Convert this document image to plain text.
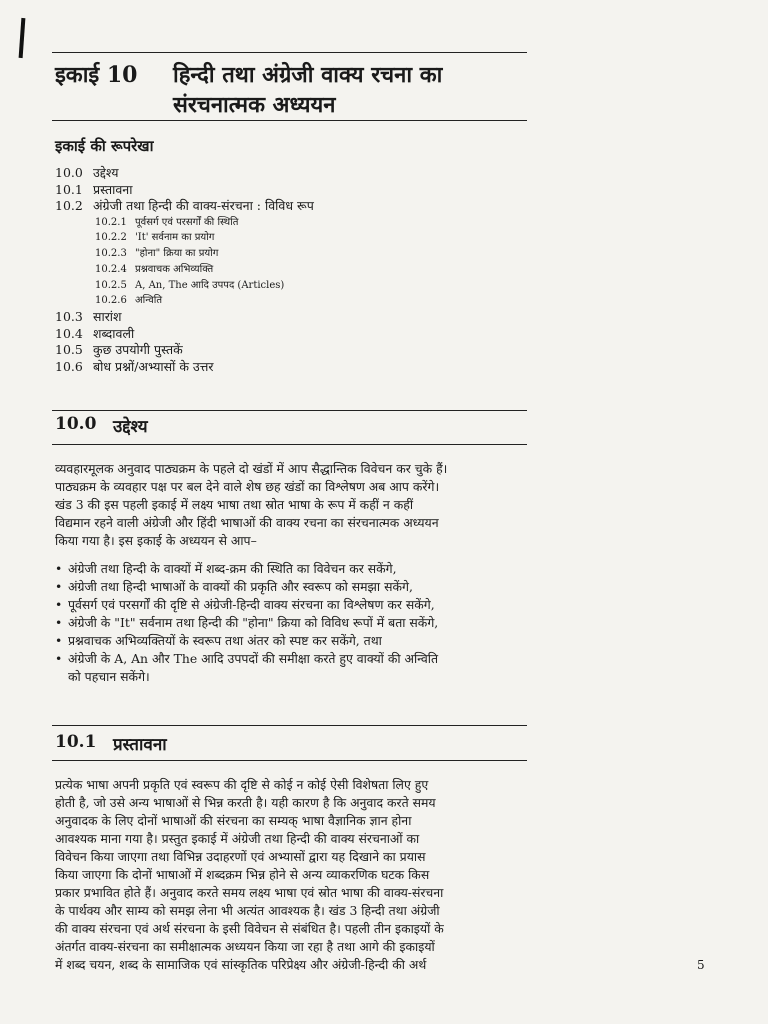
इकाई 10 हिन्दी तथा अंग्रेजी वाक्य रचना का
संरचनात्मक अध्ययन
इकाई की रूपरेखा
10.0 उद्देश्य
10.1 प्रस्तावना
10.2 अंग्रेजी तथा हिन्दी की वाक्य-संरचना : विविध रूप
10.2.1 पूर्वसर्ग एवं परसर्गों की स्थिति
10.2.2 'It' सर्वनाम का प्रयोग
10.2.3 "होना" क्रिया का प्रयोग
10.2.4 प्रश्नवाचक अभिव्यक्ति
10.2.5 A, An, The आदि उपपद (Articles)
10.2.6 अन्विति
10.3 सारांश
10.4 शब्दावली
10.5 कुछ उपयोगी पुस्तकें
10.6 बोध प्रश्नों/अभ्यासों के उत्तर
10.0 उद्देश्य
व्यवहारमूलक अनुवाद पाठ्यक्रम के पहले दो खंडों में आप सैद्धान्तिक विवेचन कर चुके हैं।
पाठ्यक्रम के व्यवहार पक्ष पर बल देने वाले शेष छह खंडों का विश्लेषण अब आप करेंगे।
खंड 3 की इस पहली इकाई में लक्ष्य भाषा तथा स्रोत भाषा के रूप में कहीं न कहीं
विद्यमान रहने वाली अंग्रेजी और हिंदी भाषाओं की वाक्य रचना का संरचनात्मक अध्ययन
किया गया है। इस इकाई के अध्ययन से आप–
• अंग्रेजी तथा हिन्दी के वाक्यों में शब्द-क्रम की स्थिति का विवेचन कर सकेंगे,
• अंग्रेजी तथा हिन्दी भाषाओं के वाक्यों की प्रकृति और स्वरूप को समझा सकेंगे,
• पूर्वसर्ग एवं परसर्गों की दृष्टि से अंग्रेजी-हिन्दी वाक्य संरचना का विश्लेषण कर सकेंगे,
• अंग्रेजी के "It" सर्वनाम तथा हिन्दी की "होना" क्रिया को विविध रूपों में बता सकेंगे,
• प्रश्नवाचक अभिव्यक्तियों के स्वरूप तथा अंतर को स्पष्ट कर सकेंगे, तथा
• अंग्रेजी के A, An और The आदि उपपदों की समीक्षा करते हुए वाक्यों की अन्विति
को पहचान सकेंगे।
10.1 प्रस्तावना
प्रत्येक भाषा अपनी प्रकृति एवं स्वरूप की दृष्टि से कोई न कोई ऐसी विशेषता लिए हुए
होती है, जो उसे अन्य भाषाओं से भिन्न करती है। यही कारण है कि अनुवाद करते समय
अनुवादक के लिए दोनों भाषाओं की संरचना का सम्यक् भाषा वैज्ञानिक ज्ञान होना
आवश्यक माना गया है। प्रस्तुत इकाई में अंग्रेजी तथा हिन्दी की वाक्य संरचनाओं का
विवेचन किया जाएगा तथा विभिन्न उदाहरणों एवं अभ्यासों द्वारा यह दिखाने का प्रयास
किया जाएगा कि दोनों भाषाओं में शब्दक्रम भिन्न होने से अन्य व्याकरणिक घटक किस
प्रकार प्रभावित होते हैं। अनुवाद करते समय लक्ष्य भाषा एवं स्रोत भाषा की वाक्य-संरचना
के पार्थक्य और साम्य को समझ लेना भी अत्यंत आवश्यक है। खंड 3 हिन्दी तथा अंग्रेजी
की वाक्य संरचना एवं अर्थ संरचना के इसी विवेचन से संबंधित है। पहली तीन इकाइयों के
अंतर्गत वाक्य-संरचना का समीक्षात्मक अध्ययन किया जा रहा है तथा आगे की इकाइयों
में शब्द चयन, शब्द के सामाजिक एवं सांस्कृतिक परिप्रेक्ष्य और अंग्रेजी-हिन्दी की अर्थ	5
